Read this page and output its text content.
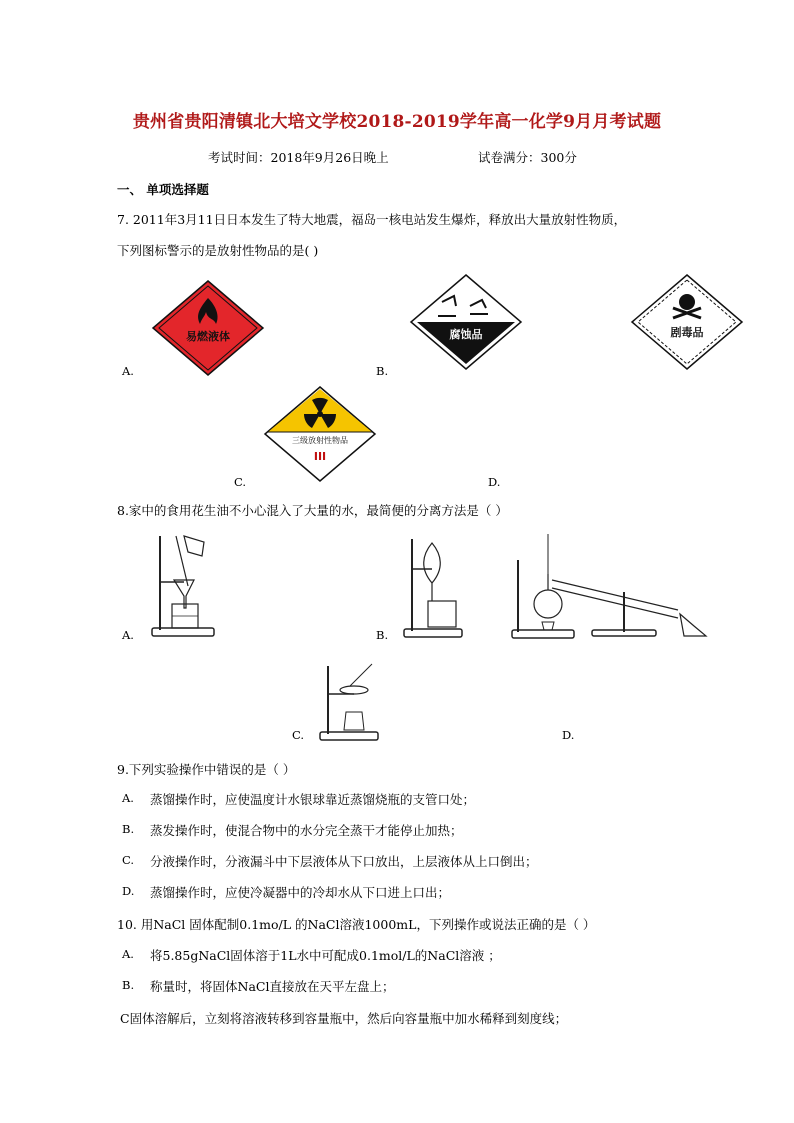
贵州省贵阳清镇北大培文学校2018-2019学年高一化学9月月考试题
考试时间：2018年9月26日晚上	试卷满分：300分
一、 单项选择题
7. 2011年3月11日日本发生了特大地震，福岛一核电站发生爆炸，释放出大量放射性物质，
下列图标警示的是放射性物品的是( )
易燃液体
A.
腐蚀品
B.
剧毒品
三级放射性物品
III
C.	D.
8.家中的食用花生油不小心混入了大量的水，最简便的分离方法是（ ）
A.	B.
C.	D.
9.下列实验操作中错误的是（ ）
A. 蒸馏操作时，应使温度计水银球靠近蒸馏烧瓶的支管口处；
B. 蒸发操作时，使混合物中的水分完全蒸干才能停止加热；
C. 分液操作时，分液漏斗中下层液体从下口放出，上层液体从上口倒出；
D. 蒸馏操作时，应使冷凝器中的冷却水从下口进上口出；
10. 用NaCl 固体配制0.1mo/L 的NaCl溶液1000mL，下列操作或说法正确的是（ ）
A. 将5.85gNaCl固体溶于1L水中可配成0.1mol/L的NaCl溶液 ；
B. 称量时，将固体NaCl直接放在天平左盘上；
C固体溶解后，立刻将溶液转移到容量瓶中，然后向容量瓶中加水稀释到刻度线；
